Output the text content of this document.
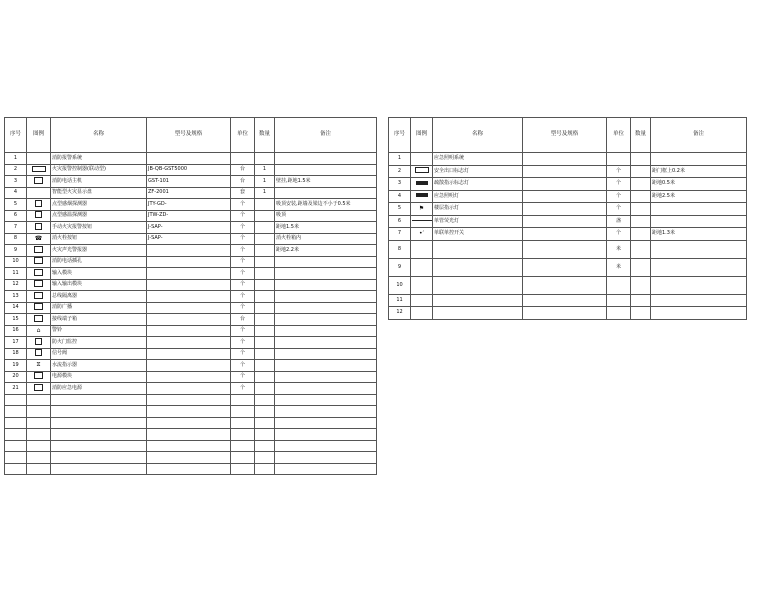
序号	图例	名称	型号及规格	单位	数量	备注
1		消防报警系统				
2		火灾报警控制器(联动型)	JB-QB-GST5000	台	1	
3		消防电话主机	GST-101	台	1	壁挂,距地1.5米
4		智能型火灾显示盘	ZF-2001	套	1	
5		点型感烟探测器	JTY-GD-	个		吸顶安装,距墙及梁边不小于0.5米
6		点型感温探测器	JTW-ZD-	个		吸顶
7		手动火灾报警按钮	J-SAP-	个		距地1.5米
8	☎	消火栓按钮	J-SAP-	个		消火栓箱内
9		火灾声光警报器		个		距地2.2米
10		消防电话插孔		个		
11		输入模块		个		
12		输入输出模块		个		
13		总线隔离器		个		
14		消防广播		个		
15		接线端子箱		台		
16	⌂	警铃		个		
17		防火门监控		个		
18		信号阀		个		
19	⧖	水流指示器		个		
20		电源模块		个		
21		消防应急电源		个		

序号	图例	名称	型号及规格	单位	数量	备注
1		应急照明系统				
2		安全出口标志灯		个		距门框上0.2米
3		疏散指示标志灯		个		距地0.5米
4		应急照明灯		个		距地2.5米
5	⚑	楼层指示灯		个		
6		单管荧光灯		盏		
7	•′	单联单控开关		个		距地1.3米
8				米		
9				米		
10						
11						
12						
